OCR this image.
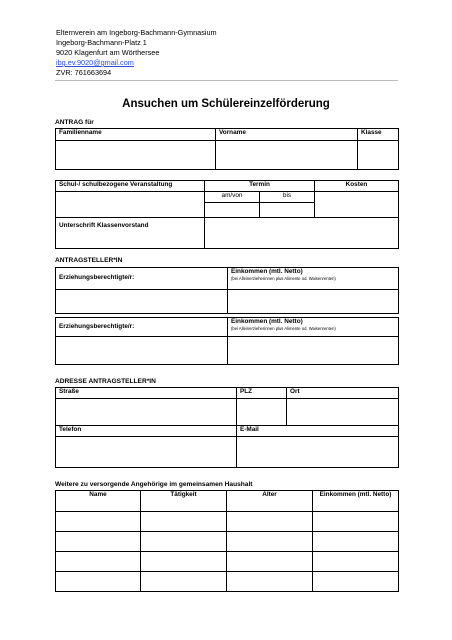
Elternverein am Ingeborg-Bachmann-Gymnasium
Ingeborg-Bachmann-Platz 1
9020 Klagenfurt am Wörthersee
ibg.ev.9020@gmail.com
ZVR: 761663694
Ansuchen um Schülereinzelförderung
ANTRAG für
Familienname	Vorname	Klasse

Schul-/ schulbezogene Veranstaltung	Termin		Kosten
	am/von	bis	

Unterschrift Klassenvorstand			
ANTRAGSTELLER*IN
Erziehungsberechtigte/r:	Einkommen (mtl. Netto)
(bei Alleinerzieherinnen plus Alimente od. Waisenrenten)

Erziehungsberechtigte/r:	Einkommen (mtl. Netto)
(bei Alleinerzieherinnen plus Alimente od. Waisenrenten)

ADRESSE ANTRAGSTELLER*IN
Straße	PLZ	Ort

Telefon	E-Mail	

Weitere zu versorgende Angehörige im gemeinsamen Haushalt
Name	Tätigkeit	Alter	Einkommen (mtl. Netto)
